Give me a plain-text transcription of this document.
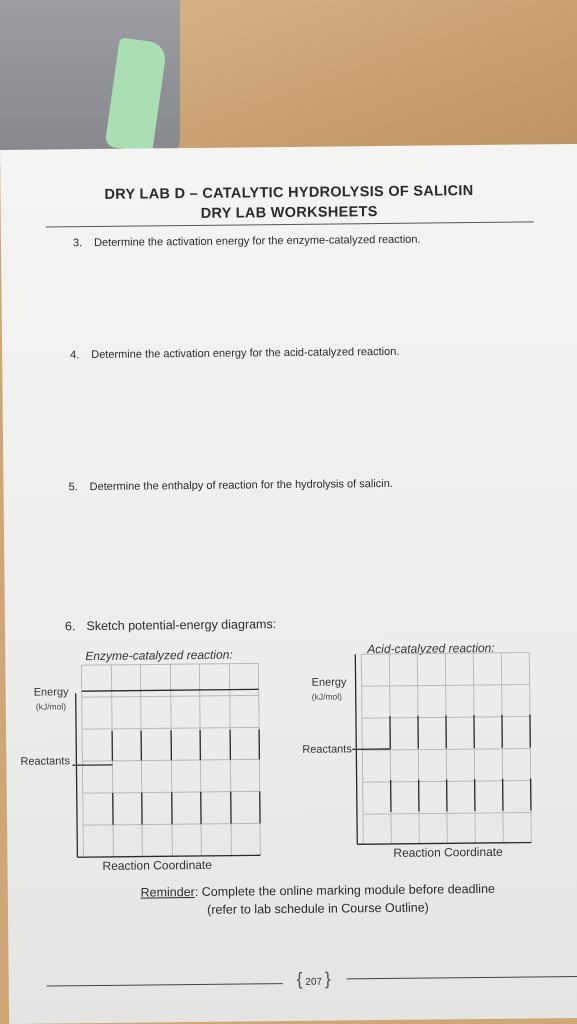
DRY LAB D – CATALYTIC HYDROLYSIS OF SALICIN
DRY LAB WORKSHEETS
3. Determine the activation energy for the enzyme-catalyzed reaction.
4. Determine the activation energy for the acid-catalyzed reaction.
5. Determine the enthalpy of reaction for the hydrolysis of salicin.
6. Sketch potential-energy diagrams:
Enzyme-catalyzed reaction:
Energy
(kJ/mol)
Reactants
Reaction Coordinate
Acid-catalyzed reaction:
Energy
(kJ/mol)
Reactants
Reaction Coordinate
Reminder: Complete the online marking module before deadline
(refer to lab schedule in Course Outline)
{ 207 }
